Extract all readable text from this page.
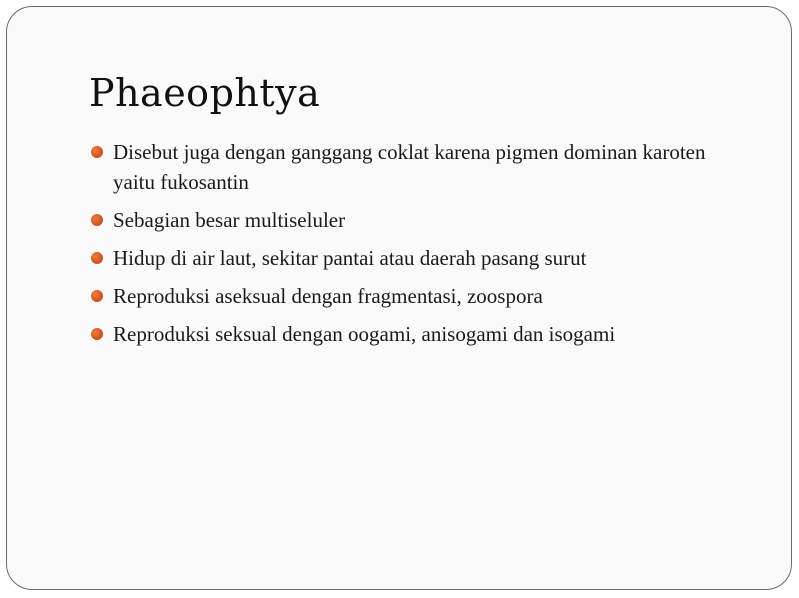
Phaeophtya
Disebut juga dengan ganggang coklat karena pigmen dominan karoten yaitu fukosantin
Sebagian besar multiseluler
Hidup di air laut, sekitar pantai atau daerah pasang surut
Reproduksi aseksual dengan fragmentasi, zoospora
Reproduksi seksual dengan oogami, anisogami dan isogami
